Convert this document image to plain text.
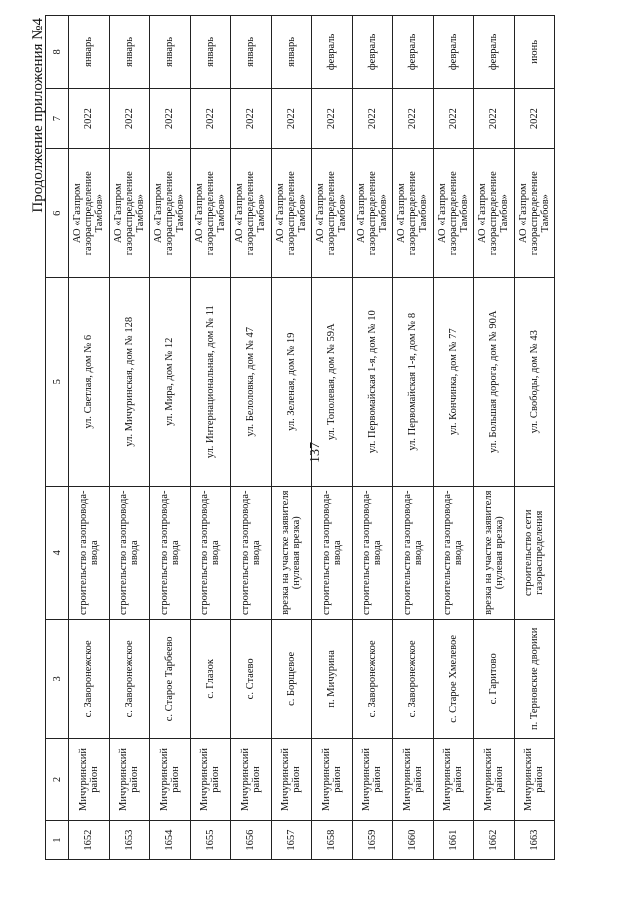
137
Продолжение приложения №4
1	2	3	4	5	6	7	8
1652	Мичуринский район	с. Заворонежское	строительство газопровода-ввода	ул. Светлая, дом № 6	АО «Газпром газораспределение Тамбов»	2022	январь
1653	Мичуринский район	с. Заворонежское	строительство газопровода-ввода	ул. Мичуринская, дом № 128	АО «Газпром газораспределение Тамбов»	2022	январь
1654	Мичуринский район	с. Старое Тарбеево	строительство газопровода-ввода	ул. Мира, дом № 12	АО «Газпром газораспределение Тамбов»	2022	январь
1655	Мичуринский район	с. Глазок	строительство газопровода-ввода	ул. Интернациональная, дом № 11	АО «Газпром газораспределение Тамбов»	2022	январь
1656	Мичуринский район	с. Стаево	строительство газопровода-ввода	ул. Белоловка, дом № 47	АО «Газпром газораспределение Тамбов»	2022	январь
1657	Мичуринский район	с. Борщевое	врезка на участке заявителя (нулевая врезка)	ул. Зеленая, дом № 19	АО «Газпром газораспределение Тамбов»	2022	январь
1658	Мичуринский район	п. Мичурина	строительство газопровода-ввода	ул. Тополевая, дом № 59А	АО «Газпром газораспределение Тамбов»	2022	февраль
1659	Мичуринский район	с. Заворонежское	строительство газопровода-ввода	ул. Первомайская 1-я, дом № 10	АО «Газпром газораспределение Тамбов»	2022	февраль
1660	Мичуринский район	с. Заворонежское	строительство газопровода-ввода	ул. Первомайская 1-я, дом № 8	АО «Газпром газораспределение Тамбов»	2022	февраль
1661	Мичуринский район	с. Старое Хмелевое	строительство газопровода-ввода	ул. Кончинка, дом № 77	АО «Газпром газораспределение Тамбов»	2022	февраль
1662	Мичуринский район	с. Гаритово	врезка на участке заявителя (нулевая врезка)	ул. Большая дорога, дом № 90А	АО «Газпром газораспределение Тамбов»	2022	февраль
1663	Мичуринский район	п. Терновские дворики	строительство сети газораспределения	ул. Свободы, дом № 43	АО «Газпром газораспределение Тамбов»	2022	июнь
